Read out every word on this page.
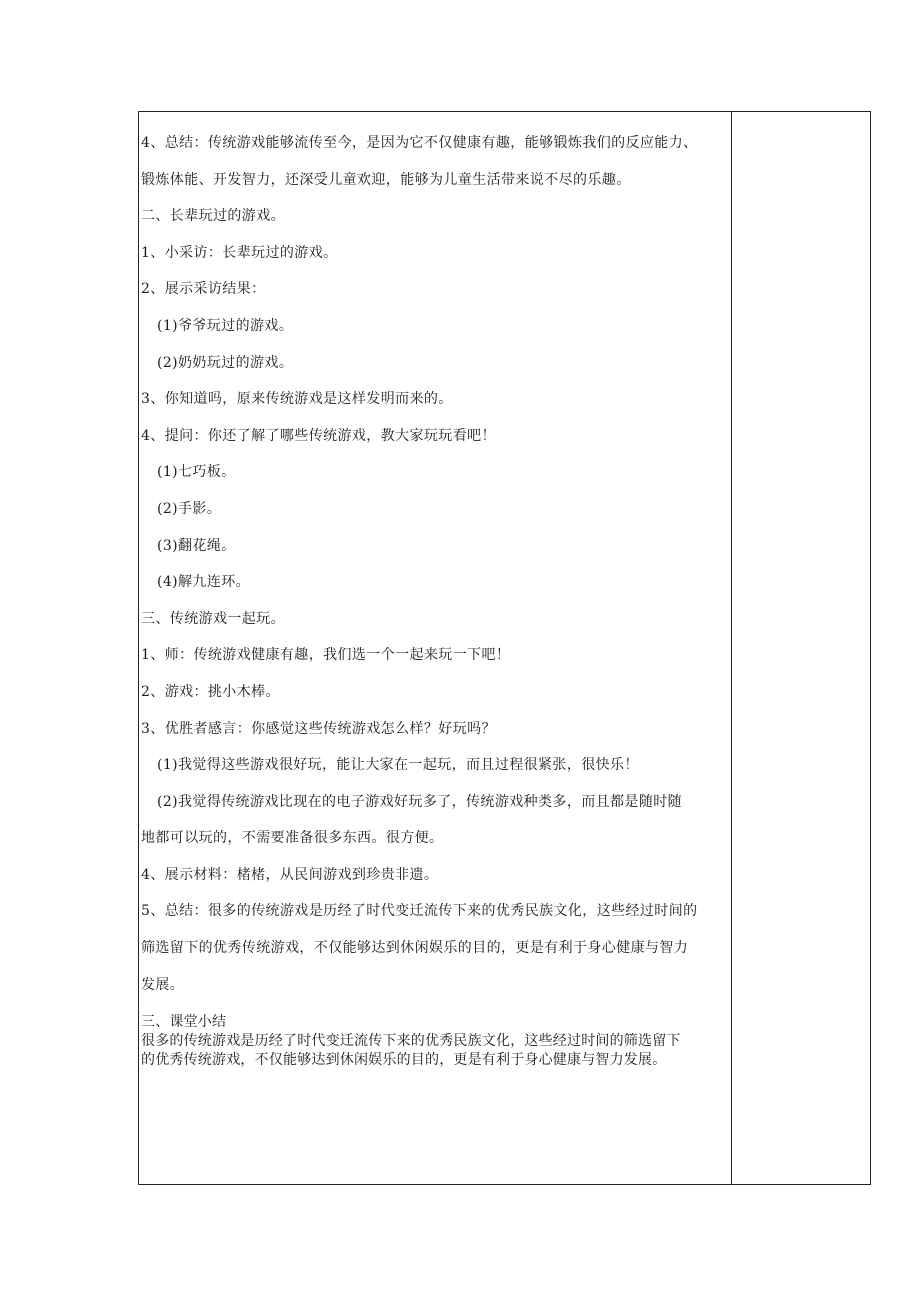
4、总结：传统游戏能够流传至今，是因为它不仅健康有趣，能够锻炼我们的反应能力、
锻炼体能、开发智力，还深受儿童欢迎，能够为儿童生活带来说不尽的乐趣。
二、长辈玩过的游戏。
1、小采访：长辈玩过的游戏。
2、展示采访结果：
(1)爷爷玩过的游戏。
(2)奶奶玩过的游戏。
3、你知道吗，原来传统游戏是这样发明而来的。
4、提问：你还了解了哪些传统游戏，教大家玩玩看吧！
(1)七巧板。
(2)手影。
(3)翻花绳。
(4)解九连环。
三、传统游戏一起玩。
1、师：传统游戏健康有趣，我们选一个一起来玩一下吧！
2、游戏：挑小木棒。
3、优胜者感言：你感觉这些传统游戏怎么样？好玩吗？
(1)我觉得这些游戏很好玩，能让大家在一起玩，而且过程很紧张，很快乐！
(2)我觉得传统游戏比现在的电子游戏好玩多了，传统游戏种类多，而且都是随时随
地都可以玩的，不需要准备很多东西。很方便。
4、展示材料：楮楮，从民间游戏到珍贵非遗。
5、总结：很多的传统游戏是历经了时代变迁流传下来的优秀民族文化，这些经过时间的
筛选留下的优秀传统游戏，不仅能够达到休闲娱乐的目的，更是有利于身心健康与智力
发展。
三、课堂小结
很多的传统游戏是历经了时代变迁流传下来的优秀民族文化，这些经过时间的筛选留下
的优秀传统游戏，不仅能够达到休闲娱乐的目的，更是有利于身心健康与智力发展。
